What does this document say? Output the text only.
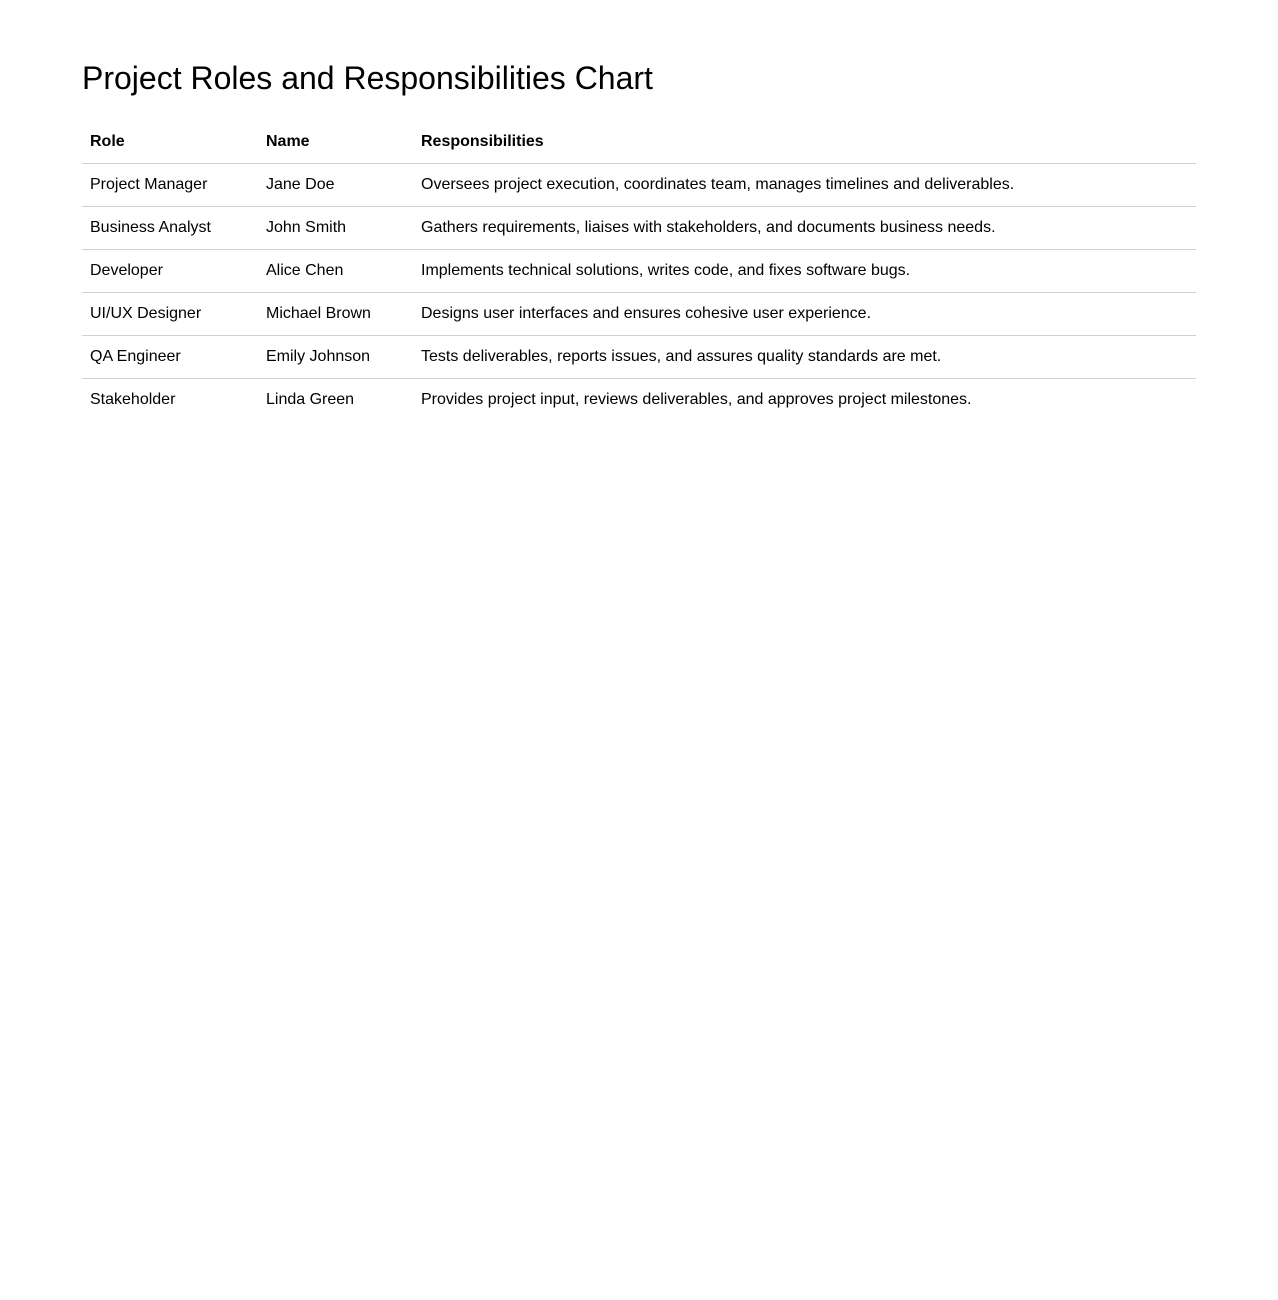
Project Roles and Responsibilities Chart
Role	Name	Responsibilities
Project Manager	Jane Doe	Oversees project execution, coordinates team, manages timelines and deliverables.
Business Analyst	John Smith	Gathers requirements, liaises with stakeholders, and documents business needs.
Developer	Alice Chen	Implements technical solutions, writes code, and fixes software bugs.
UI/UX Designer	Michael Brown	Designs user interfaces and ensures cohesive user experience.
QA Engineer	Emily Johnson	Tests deliverables, reports issues, and assures quality standards are met.
Stakeholder	Linda Green	Provides project input, reviews deliverables, and approves project milestones.
